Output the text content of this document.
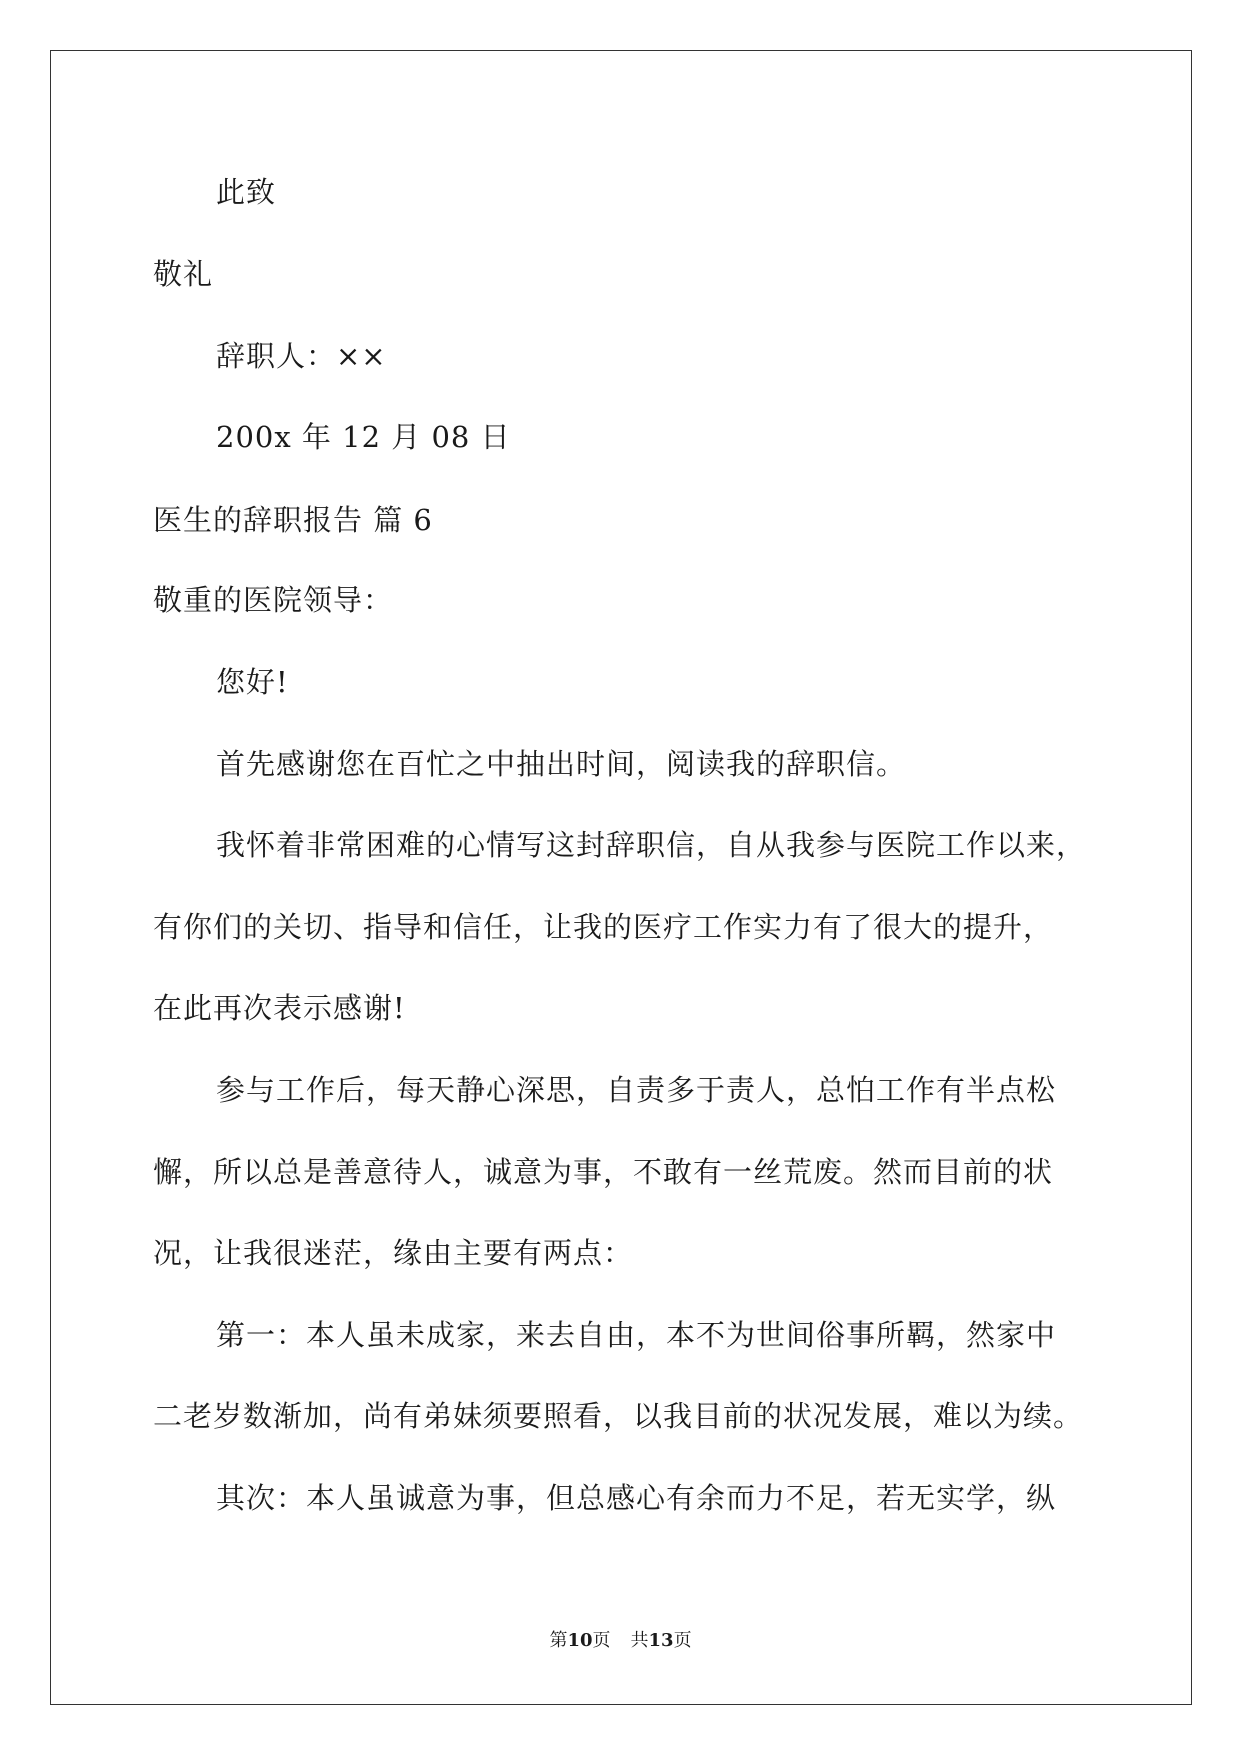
此致
敬礼
辞职人：××
200x 年 12 月 08 日
医生的辞职报告 篇 6
敬重的医院领导：
您好!
首先感谢您在百忙之中抽出时间，阅读我的辞职信。
我怀着非常困难的心情写这封辞职信，自从我参与医院工作以来，
有你们的关切、指导和信任，让我的医疗工作实力有了很大的提升，
在此再次表示感谢!
参与工作后，每天静心深思，自责多于责人，总怕工作有半点松
懈，所以总是善意待人，诚意为事，不敢有一丝荒废。然而目前的状
况，让我很迷茫，缘由主要有两点：
第一：本人虽未成家，来去自由，本不为世间俗事所羁，然家中
二老岁数渐加，尚有弟妹须要照看，以我目前的状况发展，难以为续。
其次：本人虽诚意为事，但总感心有余而力不足，若无实学，纵
第10页 共13页
